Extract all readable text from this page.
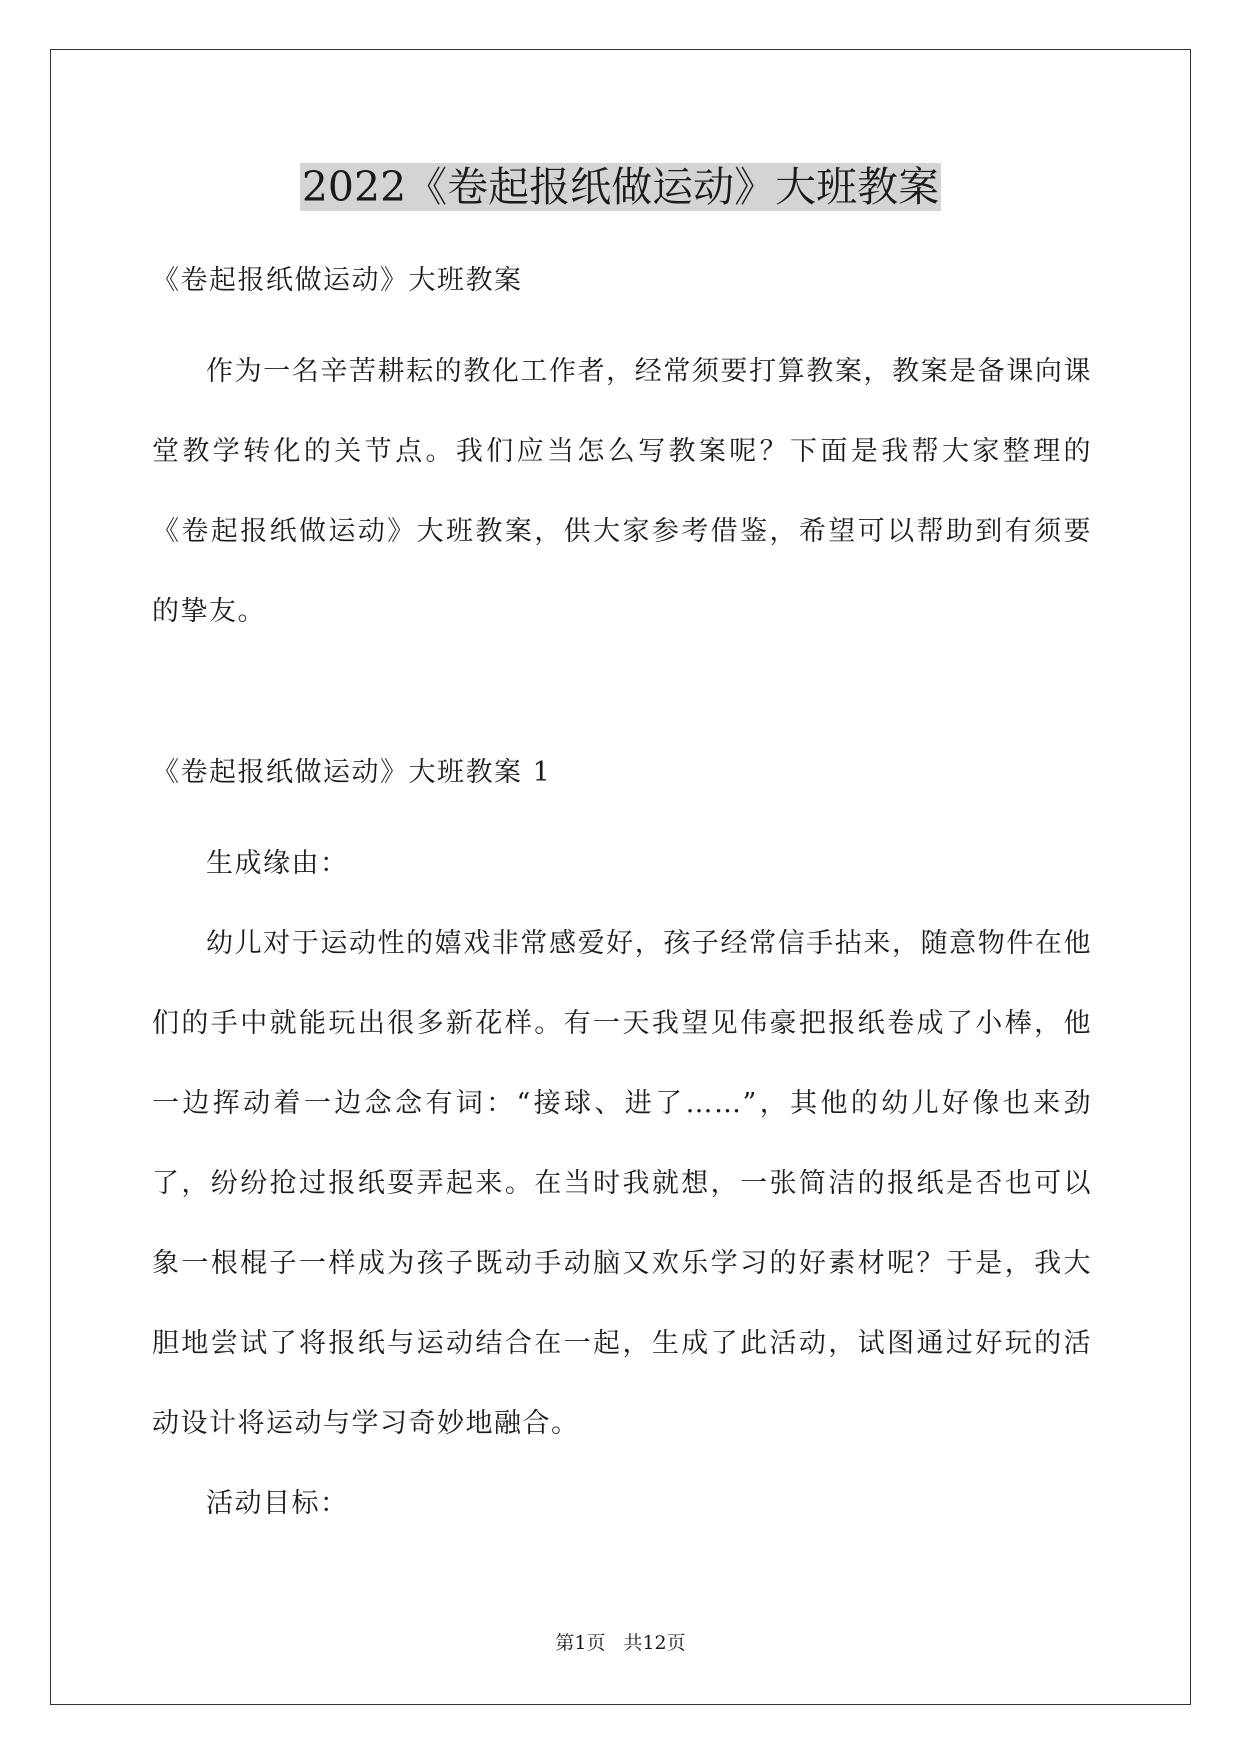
2022《卷起报纸做运动》大班教案

《卷起报纸做运动》大班教案

作为一名辛苦耕耘的教化工作者，经常须要打算教案，教案是备课向课堂教学转化的关节点。我们应当怎么写教案呢？下面是我帮大家整理的《卷起报纸做运动》大班教案，供大家参考借鉴，希望可以帮助到有须要的挚友。

《卷起报纸做运动》大班教案 1

生成缘由：

幼儿对于运动性的嬉戏非常感爱好，孩子经常信手拈来，随意物件在他们的手中就能玩出很多新花样。有一天我望见伟豪把报纸卷成了小棒，他一边挥动着一边念念有词：“接球、进了……”，其他的幼儿好像也来劲了，纷纷抢过报纸耍弄起来。在当时我就想，一张简洁的报纸是否也可以象一根棍子一样成为孩子既动手动脑又欢乐学习的好素材呢？于是，我大胆地尝试了将报纸与运动结合在一起，生成了此活动，试图通过好玩的活动设计将运动与学习奇妙地融合。

活动目标：

第1页 共12页
